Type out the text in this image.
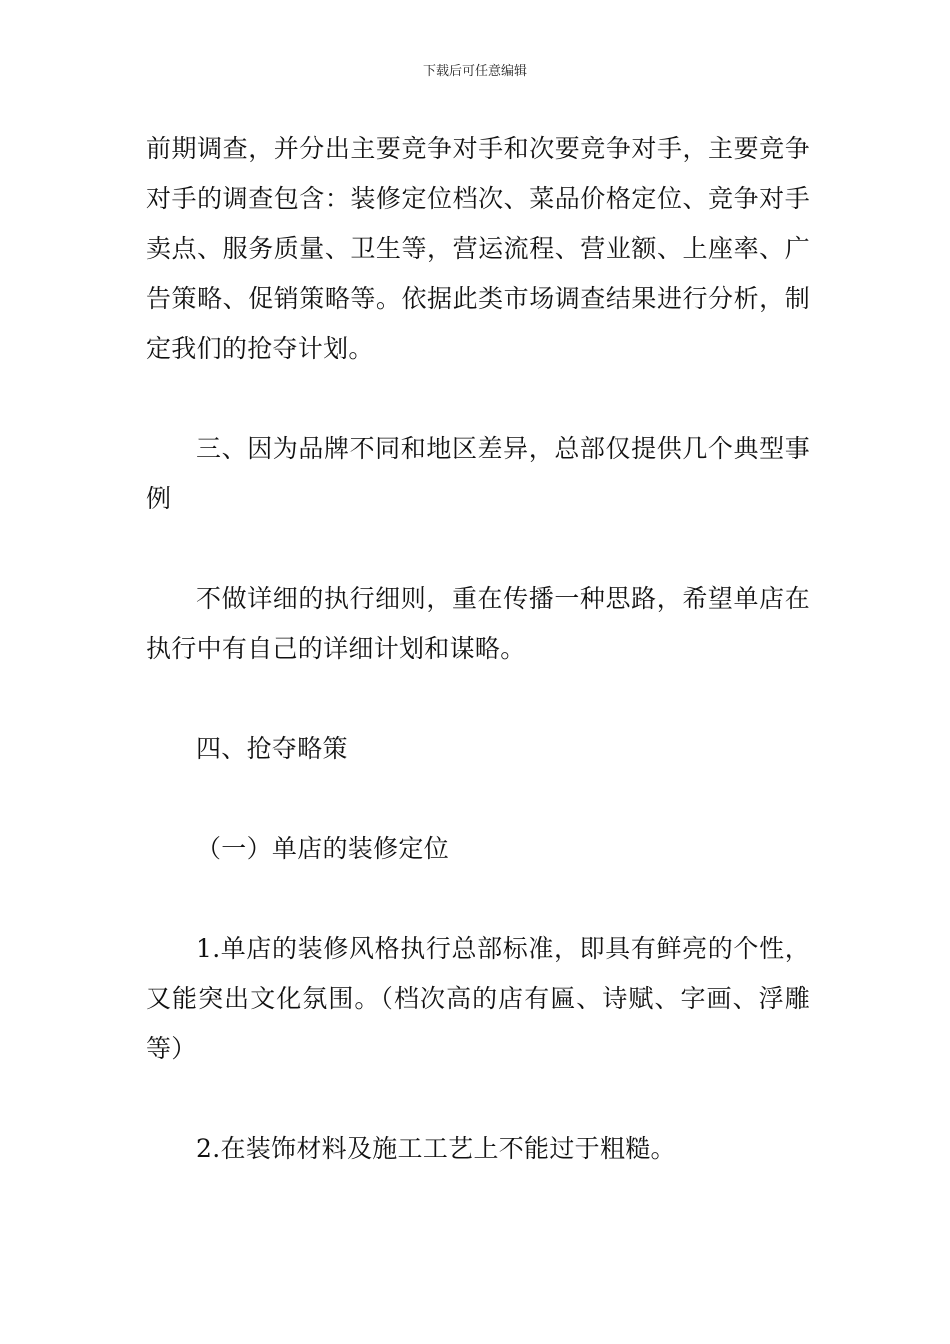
下载后可任意编辑

前期调查，并分出主要竞争对手和次要竞争对手，主要竞争对手的调查包含：装修定位档次、菜品价格定位、竞争对手卖点、服务质量、卫生等，营运流程、营业额、上座率、广告策略、促销策略等。依据此类市场调查结果进行分析，制定我们的抢夺计划。

三、因为品牌不同和地区差异，总部仅提供几个典型事例

不做详细的执行细则，重在传播一种思路，希望单店在执行中有自己的详细计划和谋略。

四、抢夺略策

（一）单店的装修定位

1.单店的装修风格执行总部标准，即具有鲜亮的个性，又能突出文化氛围。（档次高的店有匾、诗赋、字画、浮雕等）

2.在装饰材料及施工工艺上不能过于粗糙。
